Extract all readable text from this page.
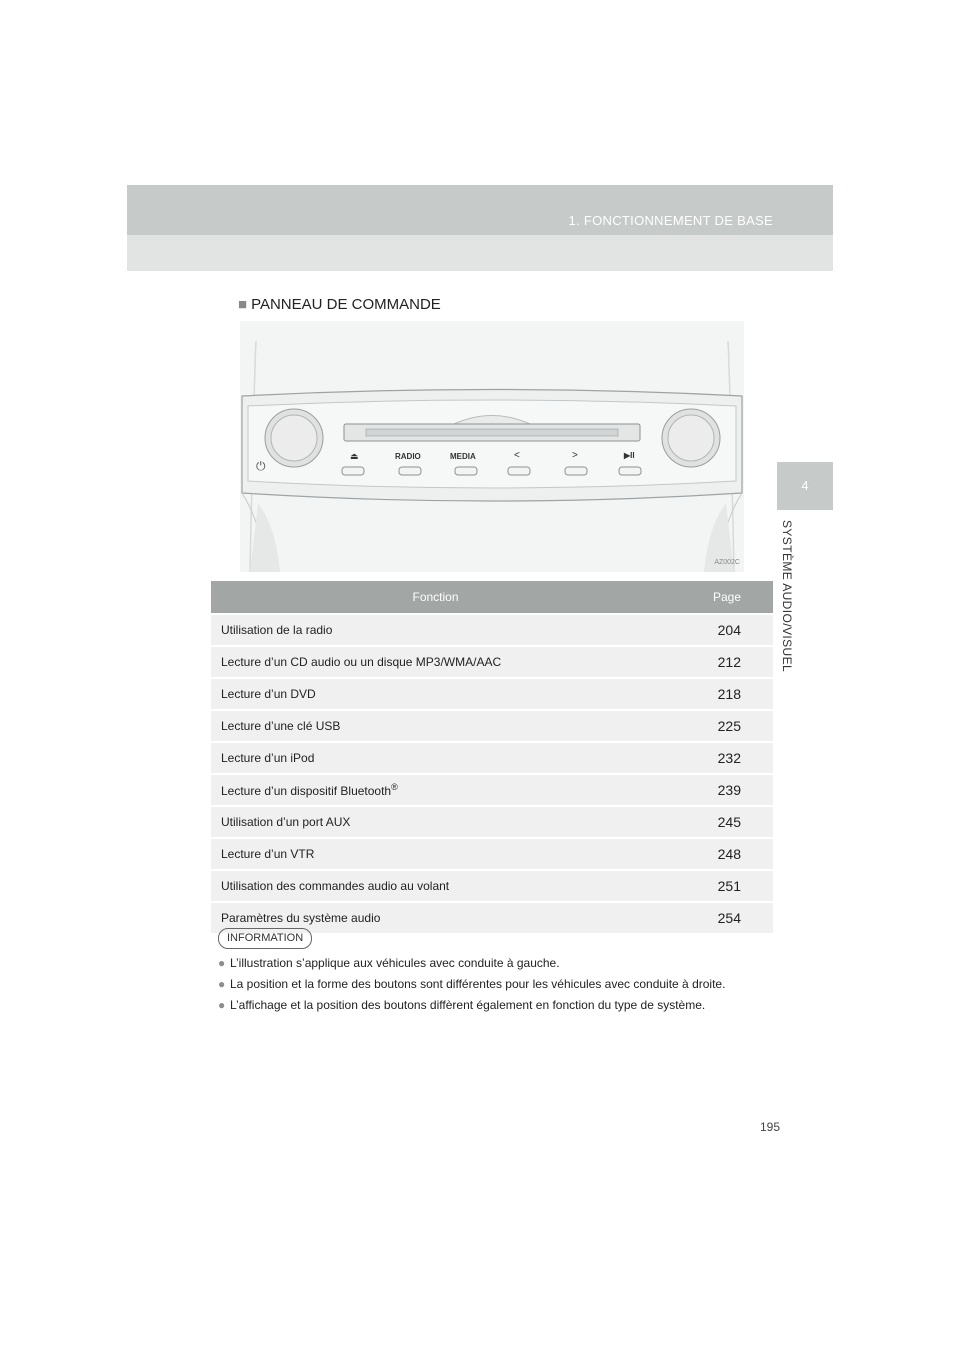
1. FONCTIONNEMENT DE BASE
4
SYSTÈME AUDIO/VISUEL
■ PANNEAU DE COMMANDE
⏻
⏏	RADIO	MEDIA	<	>	▶II
AZ002C
Fonction	Page
Utilisation de la radio	204
Lecture d’un CD audio ou un disque MP3/WMA/AAC	212
Lecture d’un DVD	218
Lecture d’une clé USB	225
Lecture d’un iPod	232
Lecture d’un dispositif Bluetooth®	239
Utilisation d’un port AUX	245
Lecture d’un VTR	248
Utilisation des commandes audio au volant	251
Paramètres du système audio	254
INFORMATION
● L’illustration s’applique aux véhicules avec conduite à gauche.
● La position et la forme des boutons sont différentes pour les véhicules avec conduite à droite.
● L’affichage et la position des boutons diffèrent également en fonction du type de système.
195
